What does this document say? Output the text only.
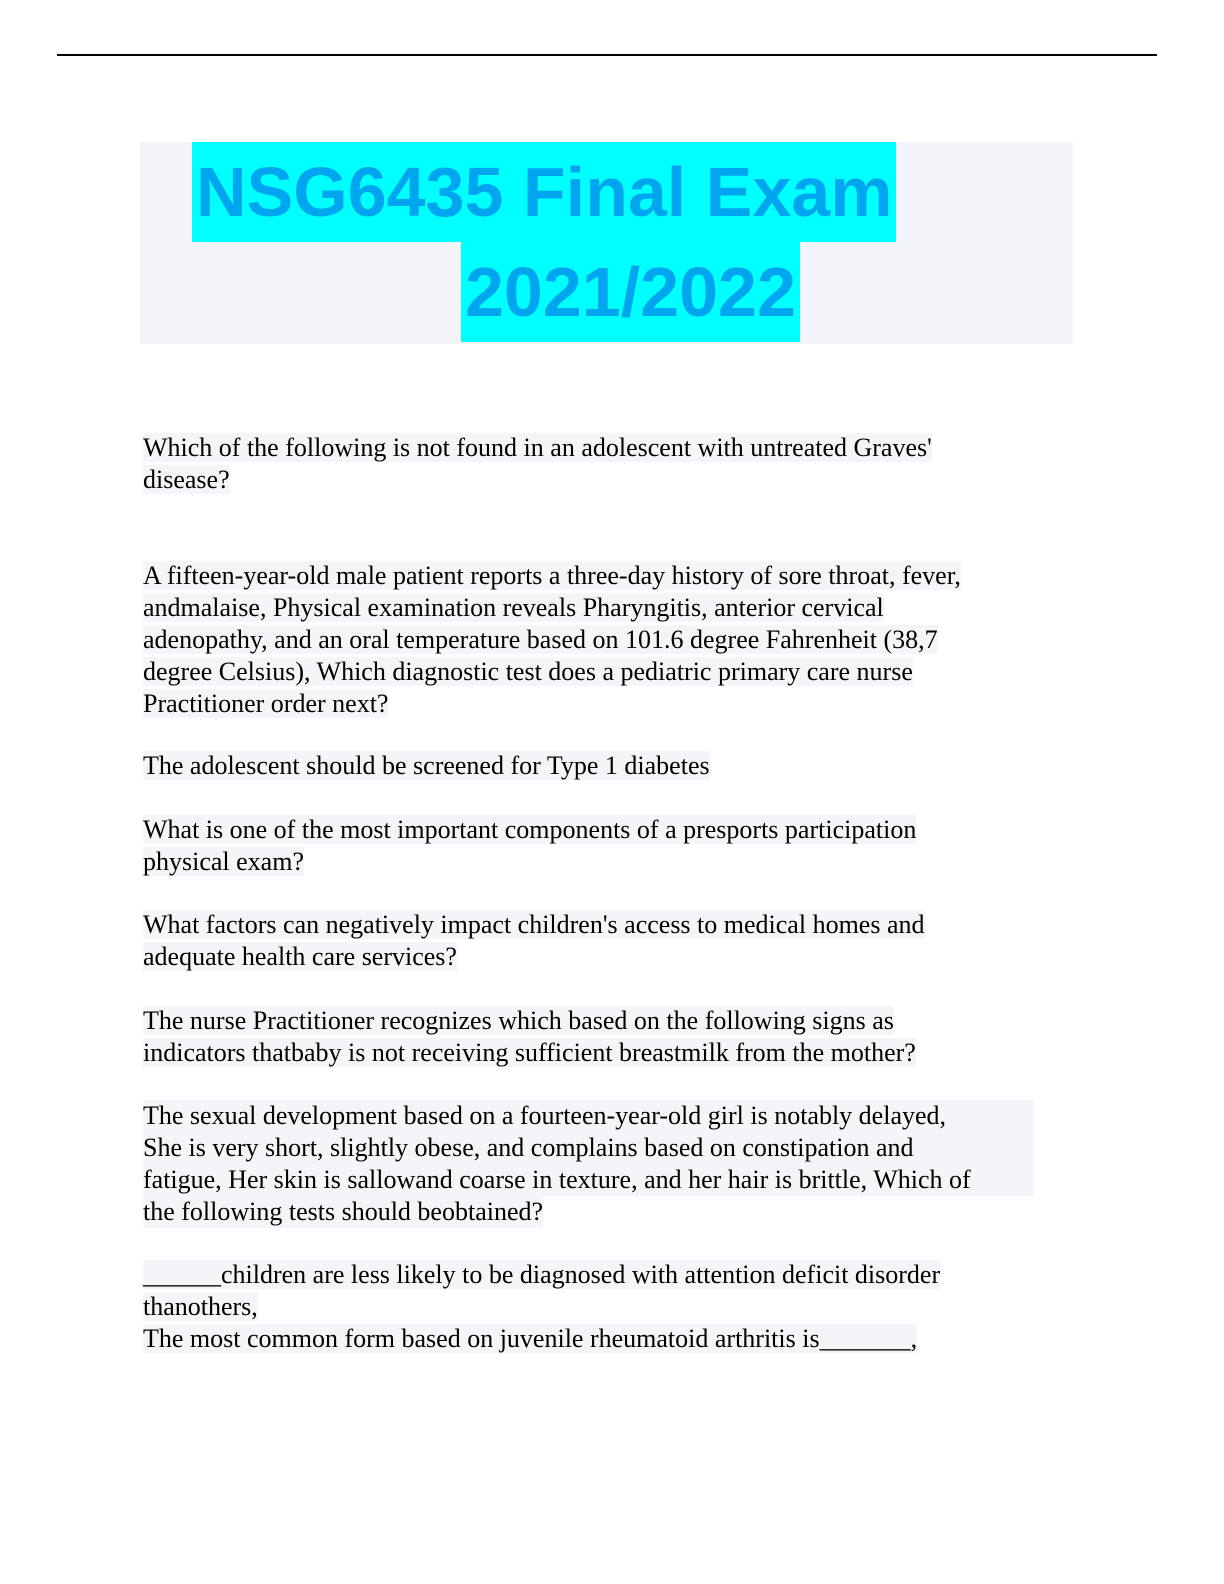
NSG6435 Final Exam
2021/2022

Which of the following is not found in an adolescent with untreated Graves'
disease?

A fifteen-year-old male patient reports a three-day history of sore throat, fever,
andmalaise, Physical examination reveals Pharyngitis, anterior cervical
adenopathy, and an oral temperature based on 101.6 degree Fahrenheit (38,7
degree Celsius), Which diagnostic test does a pediatric primary care nurse
Practitioner order next?

The adolescent should be screened for Type 1 diabetes

What is one of the most important components of a presports participation
physical exam?

What factors can negatively impact children's access to medical homes and
adequate health care services?

The nurse Practitioner recognizes which based on the following signs as
indicators thatbaby is not receiving sufficient breastmilk from the mother?

The sexual development based on a fourteen-year-old girl is notably delayed,
She is very short, slightly obese, and complains based on constipation and
fatigue, Her skin is sallowand coarse in texture, and her hair is brittle, Which of
the following tests should beobtained?

______children are less likely to be diagnosed with attention deficit disorder
thanothers,
The most common form based on juvenile rheumatoid arthritis is_______,
